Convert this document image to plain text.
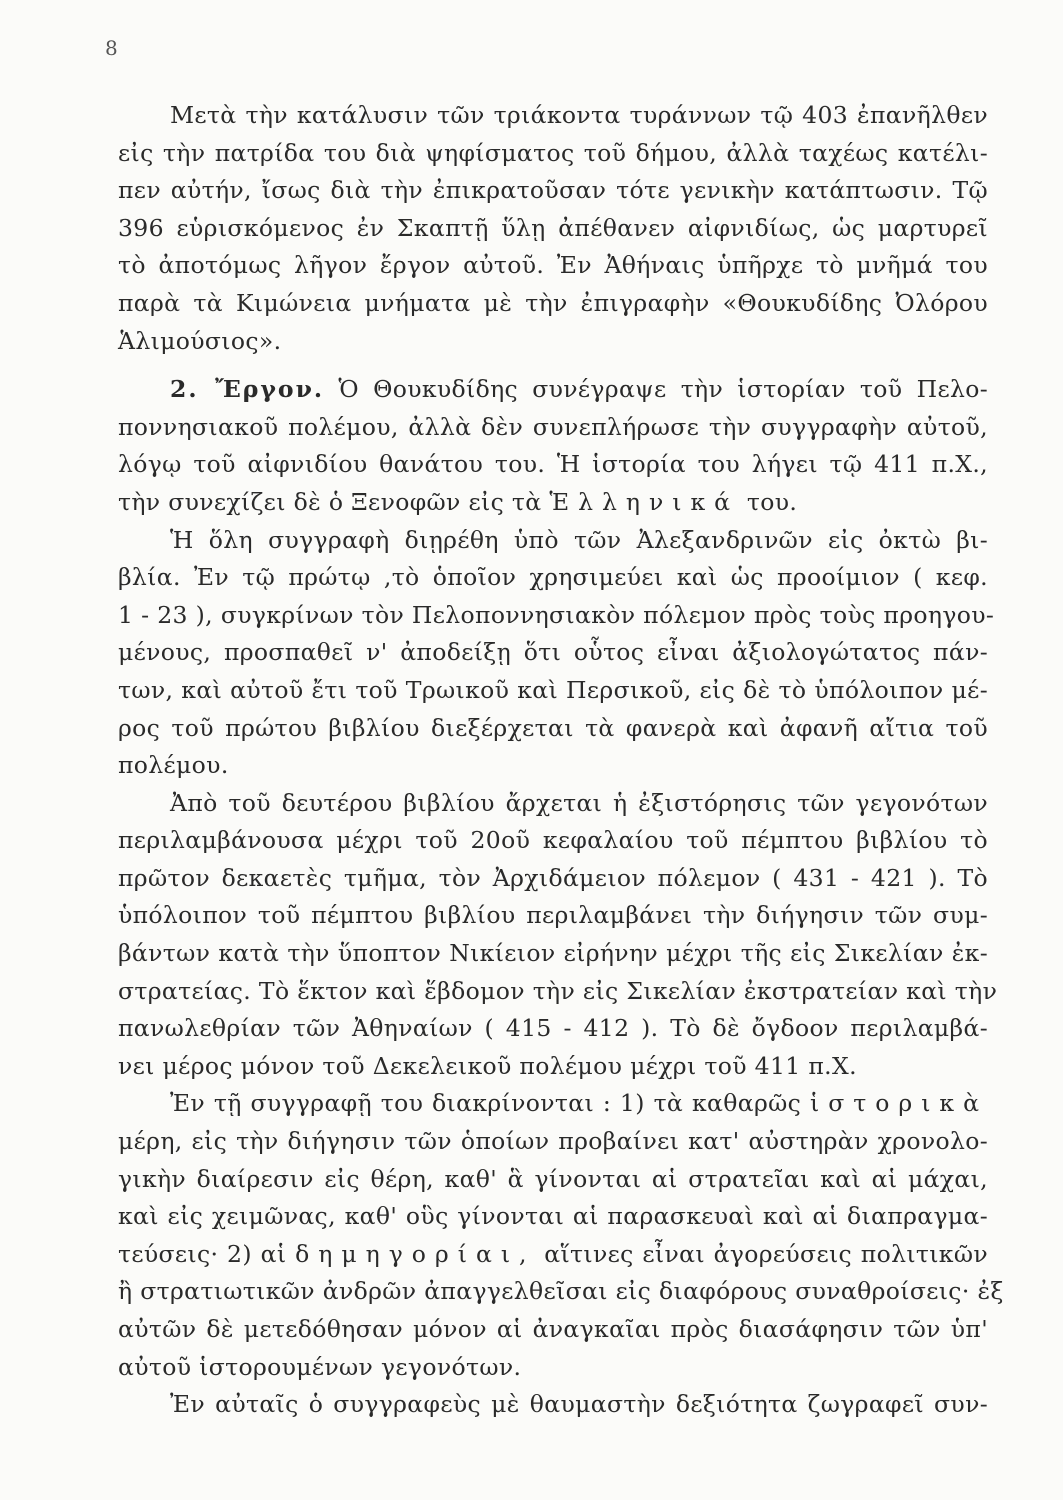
8
Μετὰ τὴν κατάλυσιν τῶν τριάκοντα τυράννων τῷ 403 ἐπανῆλθεν
εἰς τὴν πατρίδα του διὰ ψηφίσματος τοῦ δήμου, ἀλλὰ ταχέως κατέλι-
πεν αὐτήν, ἴσως διὰ τὴν ἐπικρατοῦσαν τότε γενικὴν κατάπτωσιν. Τῷ
396 εὑρισκόμενος ἐν Σκαπτῇ ὕλῃ ἀπέθανεν αἰφνιδίως, ὡς μαρτυρεῖ
τὸ ἀποτόμως λῆγον ἔργον αὐτοῦ. Ἐν Ἀθήναις ὑπῆρχε τὸ μνῆμά του
παρὰ τὰ Κιμώνεια μνήματα μὲ τὴν ἐπιγραφὴν «Θουκυδίδης Ὀλόρου
Ἁλιμούσιος».
2. Ἔργον. Ὁ Θουκυδίδης συνέγραψε τὴν ἱστορίαν τοῦ Πελο-
ποννησιακοῦ πολέμου, ἀλλὰ δὲν συνεπλήρωσε τὴν συγγραφὴν αὐτοῦ,
λόγῳ τοῦ αἰφνιδίου θανάτου του. Ἡ ἱστορία του λήγει τῷ 411 π.Χ.,
τὴν συνεχίζει δὲ ὁ Ξενοφῶν εἰς τὰ Ἑλληνικά του.
Ἡ ὅλη συγγραφὴ διῃρέθη ὑπὸ τῶν Ἀλεξανδρινῶν εἰς ὀκτὼ βι-
βλία. Ἐν τῷ πρώτῳ ,τὸ ὁποῖον χρησιμεύει καὶ ὡς προοίμιον ( κεφ.
1 - 23 ), συγκρίνων τὸν Πελοποννησιακὸν πόλεμον πρὸς τοὺς προηγου-
μένους, προσπαθεῖ ν' ἀποδείξῃ ὅτι οὗτος εἶναι ἀξιολογώτατος πάν-
των, καὶ αὐτοῦ ἔτι τοῦ Τρωικοῦ καὶ Περσικοῦ, εἰς δὲ τὸ ὑπόλοιπον μέ-
ρος τοῦ πρώτου βιβλίου διεξέρχεται τὰ φανερὰ καὶ ἀφανῆ αἴτια τοῦ
πολέμου.
Ἀπὸ τοῦ δευτέρου βιβλίου ἄρχεται ἡ ἐξιστόρησις τῶν γεγονότων
περιλαμβάνουσα μέχρι τοῦ 20οῦ κεφαλαίου τοῦ πέμπτου βιβλίου τὸ
πρῶτον δεκαετὲς τμῆμα, τὸν Ἀρχιδάμειον πόλεμον ( 431 - 421 ). Τὸ
ὑπόλοιπον τοῦ πέμπτου βιβλίου περιλαμβάνει τὴν διήγησιν τῶν συμ-
βάντων κατὰ τὴν ὕποπτον Νικίειον εἰρήνην μέχρι τῆς εἰς Σικελίαν ἐκ-
στρατείας. Τὸ ἕκτον καὶ ἕβδομον τὴν εἰς Σικελίαν ἐκστρατείαν καὶ τὴν
πανωλεθρίαν τῶν Ἀθηναίων ( 415 - 412 ). Τὸ δὲ ὄγδοον περιλαμβά-
νει μέρος μόνον τοῦ Δεκελεικοῦ πολέμου μέχρι τοῦ 411 π.Χ.
Ἐν τῇ συγγραφῇ του διακρίνονται : 1) τὰ καθαρῶς ἱστορικὰ
μέρη, εἰς τὴν διήγησιν τῶν ὁποίων προβαίνει κατ' αὐστηρὰν χρονολο-
γικὴν διαίρεσιν εἰς θέρη, καθ' ἃ γίνονται αἱ στρατεῖαι καὶ αἱ μάχαι,
καὶ εἰς χειμῶνας, καθ' οὓς γίνονται αἱ παρασκευαὶ καὶ αἱ διαπραγμα-
τεύσεις· 2) αἱ δημηγορίαι, αἵτινες εἶναι ἀγορεύσεις πολιτικῶν
ἢ στρατιωτικῶν ἀνδρῶν ἀπαγγελθεῖσαι εἰς διαφόρους συναθροίσεις· ἐξ
αὐτῶν δὲ μετεδόθησαν μόνον αἱ ἀναγκαῖαι πρὸς διασάφησιν τῶν ὑπ'
αὐτοῦ ἱστορουμένων γεγονότων.
Ἐν αὐταῖς ὁ συγγραφεὺς μὲ θαυμαστὴν δεξιότητα ζωγραφεῖ συν-
